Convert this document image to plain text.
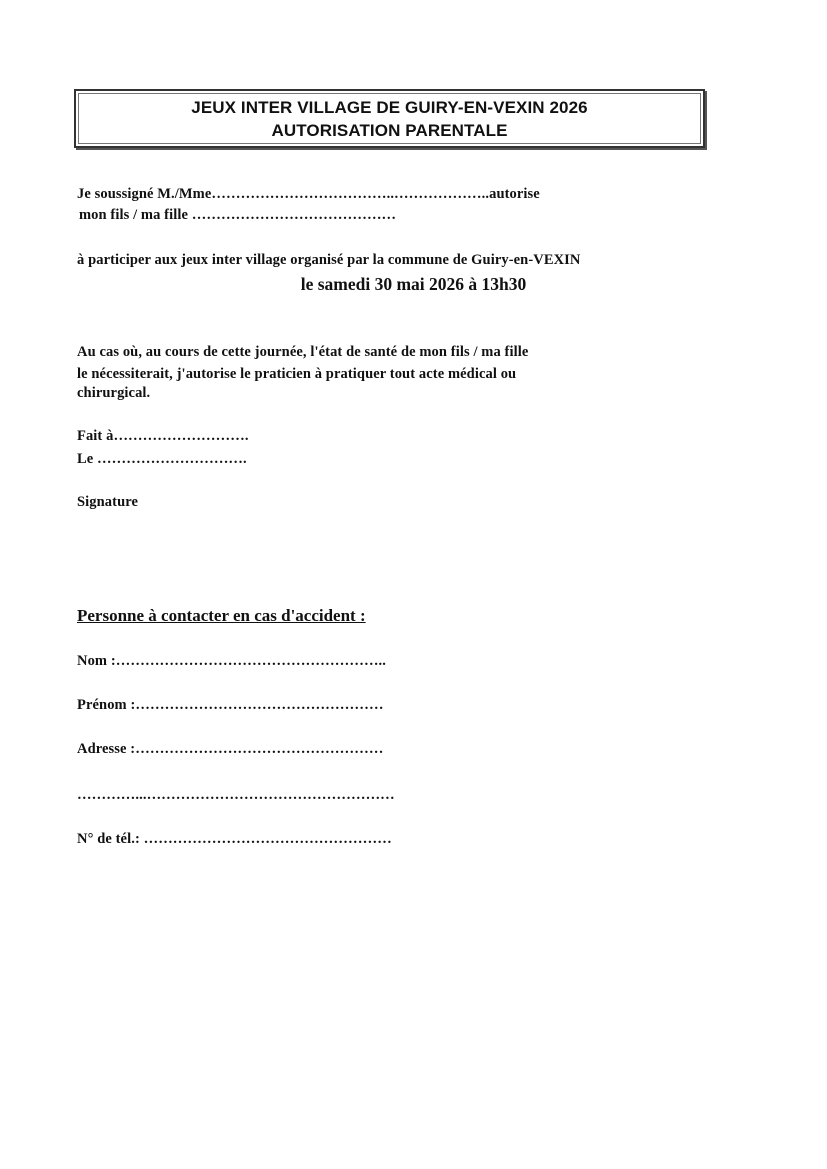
JEUX INTER VILLAGE DE GUIRY-EN-VEXIN 2026
AUTORISATION PARENTALE
Je soussigné M./Mme………………………………..………………..autorise
mon fils / ma fille ……………………………………
à participer aux jeux inter village organisé par la commune de Guiry-en-VEXIN
le samedi 30 mai 2026 à 13h30
Au cas où, au cours de cette journée, l'état de santé de mon fils / ma fille
le nécessiterait, j'autorise le praticien à pratiquer tout acte médical ou
chirurgical.
Fait à……………………….
Le ………………………….
Signature
Personne à contacter en cas d'accident :
Nom :………………………………………………..
Prénom :……………………………………………
Adresse :……………………………………………
…………...……………………………………………
N° de tél.: ……………………………………………
